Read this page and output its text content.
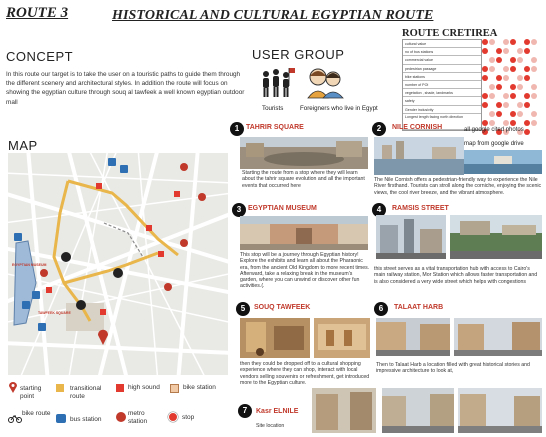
ROUTE 3	HISTORICAL AND CULTURAL EGYPTIAN ROUTE
CONCEPT
In this route our target is to take the user on a touristic paths to guide them through the different scenery and architectural styles. In addition the route will focus on showing the egyptian culture through souq al tawfeek a well known egyptian outdoor mall
USER GROUP
Tourists	Foreigners who live in Egypt
ROUTE CRETIREA
cultural value
no of bus stations
commercial value
pedestrian passage
bike stations
number of POI
vegetation , shade, landmarks
safety
Gender inclusivity
Longest length facing north direction
MAP
TAWFEEK SQUARE
EGYPTIAN MUSEUM
all google cited photos
map from google drive
1 TAHRIR SQUARE
Starting the route from a stop where they will learn about the tahrir square evolution and all the important events that occurred here
2	NILE CORNISH
The Nile Cornish offers a pedestrian-friendly way to experience the Nile River firsthand. Tourists can stroll along the corniche, enjoying the scenic views, the cool river breeze, and the vibrant atmosphere.
3 EGYPTIAN MUSEUM
This stop will be a journey through Egyptian history! Explore the exhibits and learn all about the Pharaonic era, from the ancient Old Kingdom to more recent times. Afterward, take a relaxing break in the museum's garden, where you can unwind or discover other fun activities.(.
4	RAMSIS STREET
this street serves as a vital transportation hub with access to Cairo's main railway station, Mor Station which allows faster transportation and is also considered a very wide street which helps with congestions
5	SOUQ TAWFEEK
then they could be dropped off to a cultural shopping experience where they can shop, interact with local vendors selling souvenirs or refreshment, get introduced more to the Egyptian culture.
6	TALAAT HARB
Then to Talaat Harb a location filled with great historical stories and impressive architecture to look at,
7	Kasr ELNILE
Site location
starting point
transitional route
high sound	bike station
bike route
bus station
metro station	stop
